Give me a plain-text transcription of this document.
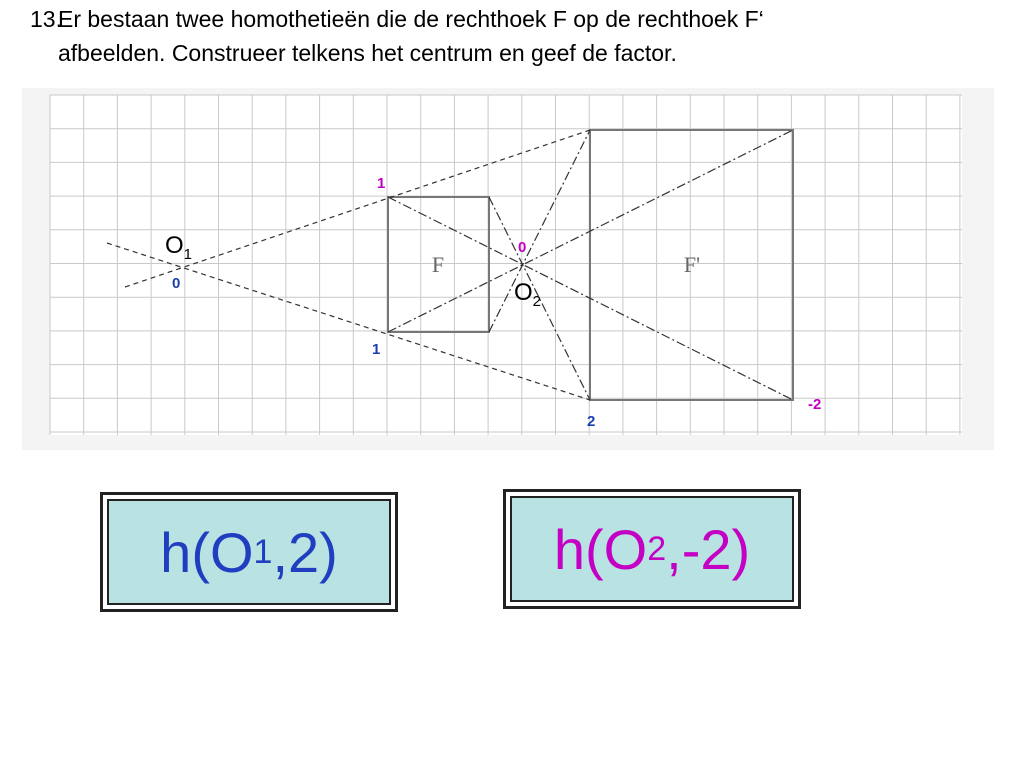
13.
Er bestaan twee homothetieën die de rechthoek F op de rechthoek F‘
afbeelden. Construeer telkens het centrum en geef de factor.
F	F'
$O_1$
0	$O_2$
0
1
1
2
-2
h(O 1 ,2)	h(O 2 ,-2)
